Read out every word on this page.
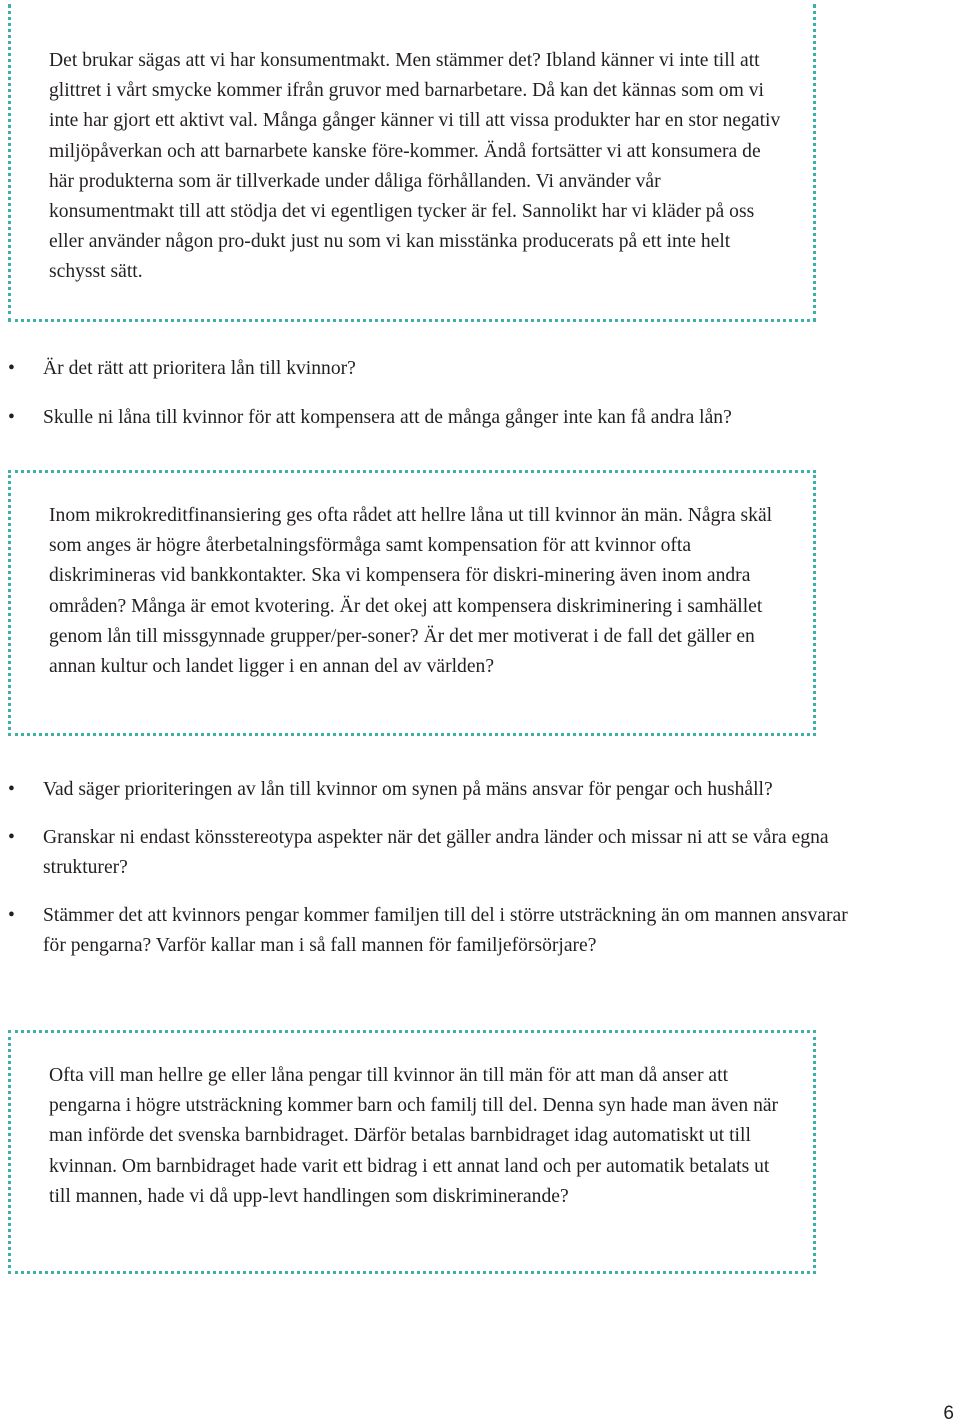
Det brukar sägas att vi har konsumentmakt. Men stämmer det? Ibland känner vi inte till att glittret i vårt smycke kommer ifrån gruvor med barnarbetare. Då kan det kännas som om vi inte har gjort ett aktivt val. Många gånger känner vi till att vissa produkter har en stor negativ miljöpåverkan och att barnarbete kanske före-kommer. Ändå fortsätter vi att konsumera de här produkterna som är tillverkade under dåliga förhållanden. Vi använder vår konsumentmakt till att stödja det vi egentligen tycker är fel. Sannolikt har vi kläder på oss eller använder någon pro-dukt just nu som vi kan misstänka producerats på ett inte helt schysst sätt.

• Är det rätt att prioritera lån till kvinnor?
• Skulle ni låna till kvinnor för att kompensera att de många gånger inte kan få andra lån?

Inom mikrokreditfinansiering ges ofta rådet att hellre låna ut till kvinnor än män. Några skäl som anges är högre återbetalningsförmåga samt kompensation för att kvinnor ofta diskrimineras vid bankkontakter. Ska vi kompensera för diskri-minering även inom andra områden? Många är emot kvotering. Är det okej att kompensera diskriminering i samhället genom lån till missgynnade grupper/per-soner? Är det mer motiverat i de fall det gäller en annan kultur och landet ligger i en annan del av världen?

• Vad säger prioriteringen av lån till kvinnor om synen på mäns ansvar för pengar och hushåll?
• Granskar ni endast könsstereotypa aspekter när det gäller andra länder och missar ni att se våra egna strukturer?
• Stämmer det att kvinnors pengar kommer familjen till del i större utsträckning än om mannen ansvarar för pengarna? Varför kallar man i så fall mannen för familjeförsörjare?

Ofta vill man hellre ge eller låna pengar till kvinnor än till män för att man då anser att pengarna i högre utsträckning kommer barn och familj till del. Denna syn hade man även när man införde det svenska barnbidraget. Därför betalas barnbidraget idag automatiskt ut till kvinnan. Om barnbidraget hade varit ett bidrag i ett annat land och per automatik betalats ut till mannen, hade vi då upp-levt handlingen som diskriminerande?

6
